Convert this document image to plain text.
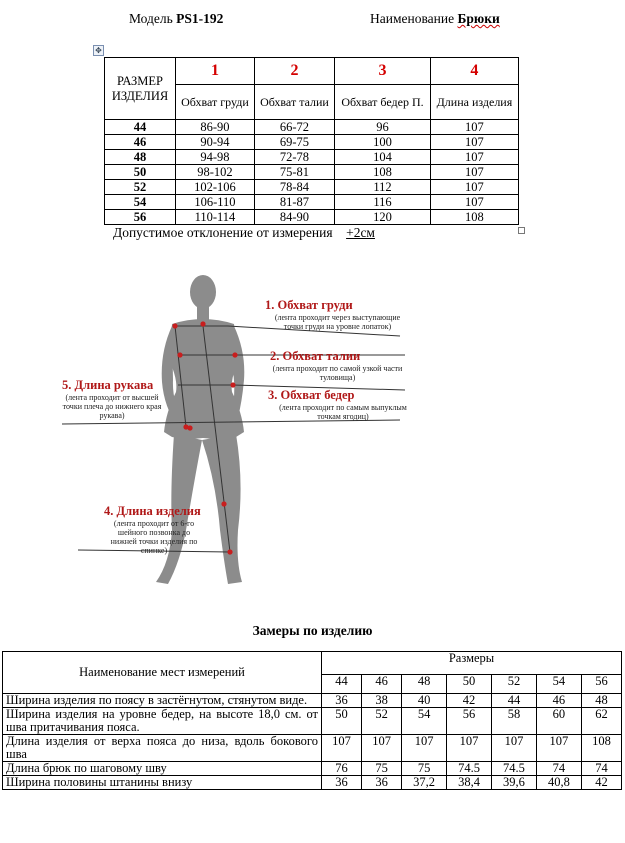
Модель PS1-192	Наименование Брюки
✥
РАЗМЕР ИЗДЕЛИЯ	1	2	3	4
	Обхват груди	Обхват талии	Обхват бедер П.	Длина изделия
44	86-90	66-72	96	107
46	90-94	69-75	100	107
48	94-98	72-78	104	107
50	98-102	75-81	108	107
52	102-106	78-84	112	107
54	106-110	81-87	116	107
56	110-114	84-90	120	108
Допустимое отклонение от измерения +2см
1. Обхват груди
(лента проходит через выступающие точки груди на уровне лопаток)
2. Обхват талии
(лента проходит по самой узкой части туловища)
3. Обхват бедер
(лента проходит по самым выпуклым точкам ягодиц)
5. Длина рукава
(лента проходит от высшей точки плеча до нижнего края рукава)
4. Длина изделия
(лента проходит от 6-го шейного позвонка до нижней точки изделия по спинке)
Замеры по изделию
Наименование мест измерений	Размеры						
	44	46	48	50	52	54	56
Ширина изделия по поясу в застёгнутом, стянутом виде.	36	38	40	42	44	46	48
Ширина изделия на уровне бедер, на высоте 18,0 см. от шва притачивания пояса.	50	52	54	56	58	60	62
Длина изделия от верха пояса до низа, вдоль бокового шва	107	107	107	107	107	107	108
Длина брюк по шаговому шву	76	75	75	74.5	74.5	74	74
Ширина половины штанины внизу	36	36	37,2	38,4	39,6	40,8	42
